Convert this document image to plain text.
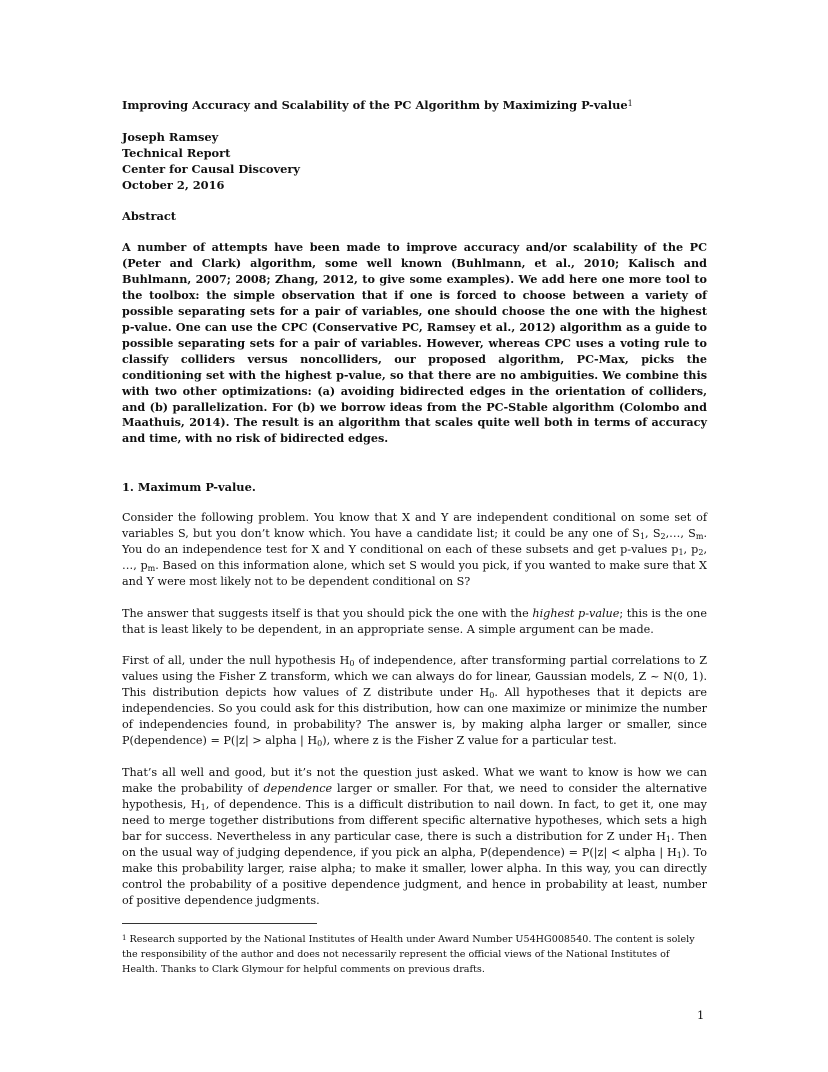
Improving Accuracy and Scalability of the PC Algorithm by Maximizing P-value$^1$
Joseph Ramsey
Technical Report
Center for Causal Discovery
October 2, 2016
Abstract

A number of attempts have been made to improve accuracy and/or scalability of the PC (Peter and Clark) algorithm, some well known (Buhlmann, et al., 2010; Kalisch and Buhlmann, 2007; 2008; Zhang, 2012, to give some examples). We add here one more tool to the toolbox: the simple observation that if one is forced to choose between a variety of possible separating sets for a pair of variables, one should choose the one with the highest p-value. One can use the CPC (Conservative PC, Ramsey et al., 2012) algorithm as a guide to possible separating sets for a pair of variables. However, whereas CPC uses a voting rule to classify colliders versus noncolliders, our proposed algorithm, PC-Max, picks the conditioning set with the highest p-value, so that there are no ambiguities. We combine this with two other optimizations: (a) avoiding bidirected edges in the orientation of colliders, and (b) parallelization. For (b) we borrow ideas from the PC-Stable algorithm (Colombo and Maathuis, 2014). The result is an algorithm that scales quite well both in terms of accuracy and time, with no risk of bidirected edges.

1. Maximum P-value.

Consider the following problem. You know that X and Y are independent conditional on some set of variables S, but you don’t know which. You have a candidate list; it could be any one of $S_1$, $S_2,\dots$, $S_m$. You do an independence test for X and Y conditional on each of these subsets and get p-values $p_1$, $p_2$, …, $p_m$. Based on this information alone, which set S would you pick, if you wanted to make sure that X and Y were most likely not to be dependent conditional on S?

The answer that suggests itself is that you should pick the one with the highest p-value; this is the one that is least likely to be dependent, in an appropriate sense. A simple argument can be made.

First of all, under the null hypothesis $H_0$ of independence, after transforming partial correlations to Z values using the Fisher Z transform, which we can always do for linear, Gaussian models, Z ~ N(0, 1). This distribution depicts how values of Z distribute under $H_0$. All hypotheses that it depicts are independencies. So you could ask for this distribution, how can one maximize or minimize the number of independencies found, in probability? The answer is, by making alpha larger or smaller, since P(dependence) = P(|z| > alpha | $H_0$), where z is the Fisher Z value for a particular test.

That’s all well and good, but it’s not the question just asked. What we want to know is how we can make the probability of dependence larger or smaller. For that, we need to consider the alternative hypothesis, $H_1$, of dependence. This is a difficult distribution to nail down. In fact, to get it, one may need to merge together distributions from different specific alternative hypotheses, which sets a high bar for success. Nevertheless in any particular case, there is such a distribution for Z under $H_1$. Then on the usual way of judging dependence, if you pick an alpha, P(dependence) = P(|z| < alpha | $H_1$). To make this probability larger, raise alpha; to make it smaller, lower alpha. In this way, you can directly control the probability of a positive dependence judgment, and hence in probability at least, number of positive dependence judgments.

$^1$ Research supported by the National Institutes of Health under Award Number U54HG008540. The content is solely the responsibility of the author and does not necessarily represent the official views of the National Institutes of Health. Thanks to Clark Glymour for helpful comments on previous drafts.

1
